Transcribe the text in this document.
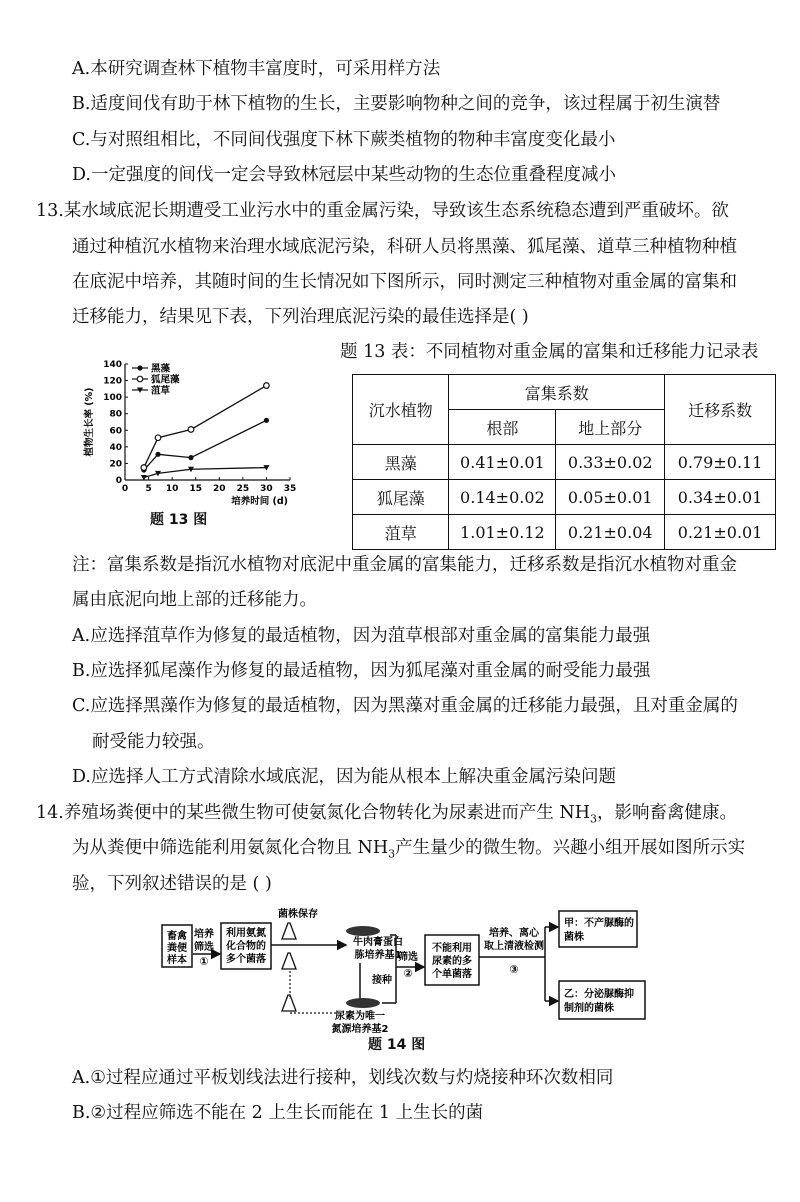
A.本研究调查林下植物丰富度时，可采用样方法
B.适度间伐有助于林下植物的生长，主要影响物种之间的竞争，该过程属于初生演替
C.与对照组相比，不同间伐强度下林下蕨类植物的物种丰富度变化最小
D.一定强度的间伐一定会导致林冠层中某些动物的生态位重叠程度减小
13.某水域底泥长期遭受工业污水中的重金属污染，导致该生态系统稳态遭到严重破坏。欲
通过种植沉水植物来治理水域底泥污染，科研人员将黑藻、狐尾藻、道草三种植物种植
在底泥中培养，其随时间的生长情况如下图所示，同时测定三种植物对重金属的富集和
迁移能力，结果见下表，下列治理底泥污染的最佳选择是( )
0 5 10 15 20 25 30 35
0
20
40
60
80
100
120
140
培养时间 (d)
植物生长率 (%)
黑藻
狐尾藻
菹草
题 13 图
题 13 表：不同植物对重金属的富集和迁移能力记录表
沉水植物	富集系数		迁移系数
	根部	地上部分	
黑藻	0.41±0.01	0.33±0.02	0.79±0.11
狐尾藻	0.14±0.02	0.05±0.01	0.34±0.01
菹草	1.01±0.12	0.21±0.04	0.21±0.01
注：富集系数是指沉水植物对底泥中重金属的富集能力，迁移系数是指沉水植物对重金
属由底泥向地上部的迁移能力。
A.应选择菹草作为修复的最适植物，因为菹草根部对重金属的富集能力最强
B.应选择狐尾藻作为修复的最适植物，因为狐尾藻对重金属的耐受能力最强
C.应选择黑藻作为修复的最适植物，因为黑藻对重金属的迁移能力最强，且对重金属的
耐受能力较强。
D.应选择人工方式清除水域底泥，因为能从根本上解决重金属污染问题
14.养殖场粪便中的某些微生物可使氨氮化合物转化为尿素进而产生 $NH_3$，影响畜禽健康。
为从粪便中筛选能利用氨氮化合物且 $NH_3$产生量少的微生物。兴趣小组开展如图所示实
验，下列叙述错误的是 ( )
畜禽
粪便
样本
培养
筛选
①
利用氨氮
化合物的
多个菌落
菌株保存
牛肉膏蛋白
胨培养基1
接种
尿素为唯一
氮源培养基2
筛选
②
不能利用
尿素的多
个单菌落
培养、离心
取上清液检测
③
甲：不产脲酶的
菌株
乙：分泌脲酶抑
制剂的菌株
题 14 图
A.①过程应通过平板划线法进行接种，划线次数与灼烧接种环次数相同
B.②过程应筛选不能在 2 上生长而能在 1 上生长的菌
